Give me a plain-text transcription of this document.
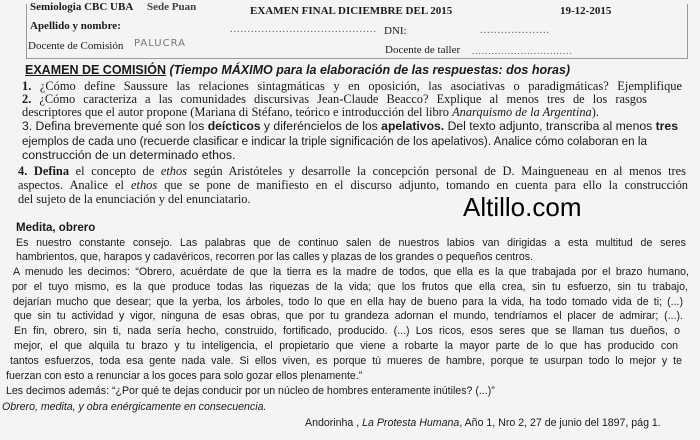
Semiologia CBC UBA Sede Puan	EXAMEN FINAL DICIEMBRE DEL 2015	19-12-2015
Apellido y nombre:	.......................................... DNI:	....................
Docente de Comisión PALUCRA
Docente de taller ...............................
EXAMEN DE COMISIÓN (Tiempo MÁXIMO para la elaboración de las respuestas: dos horas)
1. ¿Cómo define Saussure las relaciones sintagmáticas y en oposición, las asociativas o paradigmáticas? Ejemplifique
2. ¿Cómo caracteriza a las comunidades discursivas Jean-Claude Beacco? Explique al menos tres de los rasgos
descriptores que el autor propone (Mariana di Stéfano, teórico e introducción del libro Anarquismo de la Argentina).
3. Defina brevemente qué son los deícticos y diferéncielos de los apelativos. Del texto adjunto, transcriba al menos tres
ejemplos de cada uno (recuerde clasificar e indicar la triple significación de los apelativos). Analice cómo colaboran en la
construcción de un determinado ethos.
4. Defina el concepto de ethos según Aristóteles y desarrolle la concepción personal de D. Maingueneau en al menos tres
aspectos. Analice el ethos que se pone de manifiesto en el discurso adjunto, tomando en cuenta para ello la construcción
del sujeto de la enunciación y del enunciatario.	Altillo.com
Medita, obrero
Es nuestro constante consejo. Las palabras que de continuo salen de nuestros labios van dirigidas a esta multitud de seres
hambrientos, que, harapos y cadavéricos, recorren por las calles y plazas de los grandes o pequeños centros.
A menudo les decimos: “Obrero, acuérdate de que la tierra es la madre de todos, que ella es la que trabajada por el brazo humano,
por el tuyo mismo, es la que produce todas las riquezas de la vida; que los frutos que ella crea, sin tu esfuerzo, sin tu trabajo,
dejarían mucho que desear; que la yerba, los árboles, todo lo que en ella hay de bueno para la vida, ha todo tomado vida de ti; (...)
que sin tu actividad y vigor, ninguna de esas obras, que por tu grandeza adornan el mundo, tendríamos el placer de admirar; (...).
En fin, obrero, sin ti, nada sería hecho, construido, fortificado, producido. (...) Los ricos, esos seres que se llaman tus dueños, o
mejor, el que alquila tu brazo y tu inteligencia, el propietario que viene a robarte la mayor parte de lo que has producido con
tantos esfuerzos, toda esa gente nada vale. Si ellos viven, es porque tú mueres de hambre, porque te usurpan todo lo mejor y te
fuerzan con esto a renunciar a los goces para solo gozar ellos plenamente.”
Les decimos además: “¿Por qué te dejas conducir por un núcleo de hombres enteramente inútiles? (...)”
Obrero, medita, y obra enérgicamente en consecuencia.
Andorinha , La Protesta Humana, Año 1, Nro 2, 27 de junio del 1897, pág 1.
